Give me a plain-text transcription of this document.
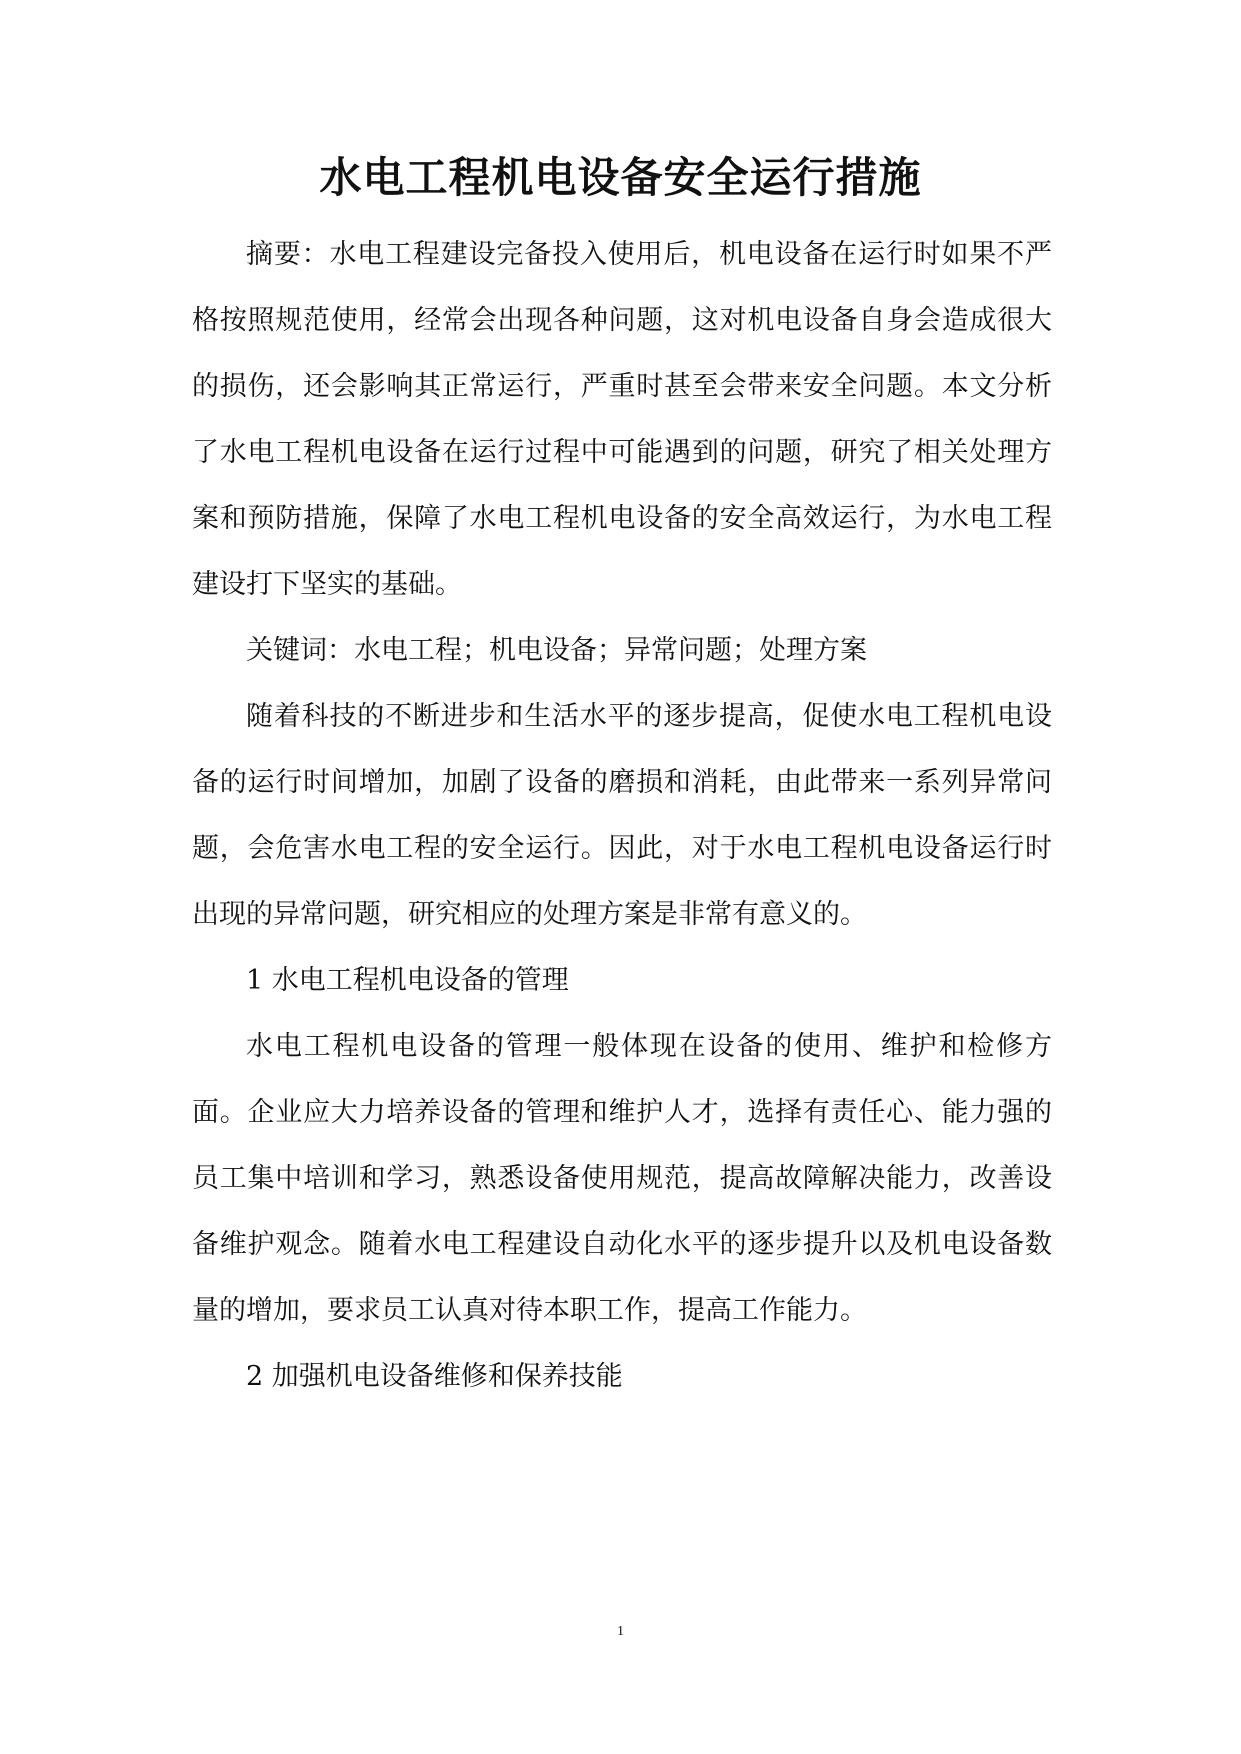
水电工程机电设备安全运行措施

摘要：水电工程建设完备投入使用后，机电设备在运行时如果不严格按照规范使用，经常会出现各种问题，这对机电设备自身会造成很大的损伤，还会影响其正常运行，严重时甚至会带来安全问题。本文分析了水电工程机电设备在运行过程中可能遇到的问题，研究了相关处理方案和预防措施，保障了水电工程机电设备的安全高效运行，为水电工程建设打下坚实的基础。

关键词：水电工程；机电设备；异常问题；处理方案

随着科技的不断进步和生活水平的逐步提高，促使水电工程机电设备的运行时间增加，加剧了设备的磨损和消耗，由此带来一系列异常问题，会危害水电工程的安全运行。因此，对于水电工程机电设备运行时出现的异常问题，研究相应的处理方案是非常有意义的。

1 水电工程机电设备的管理

水电工程机电设备的管理一般体现在设备的使用、维护和检修方面。企业应大力培养设备的管理和维护人才，选择有责任心、能力强的员工集中培训和学习，熟悉设备使用规范，提高故障解决能力，改善设备维护观念。随着水电工程建设自动化水平的逐步提升以及机电设备数量的增加，要求员工认真对待本职工作，提高工作能力。

2 加强机电设备维修和保养技能

1
